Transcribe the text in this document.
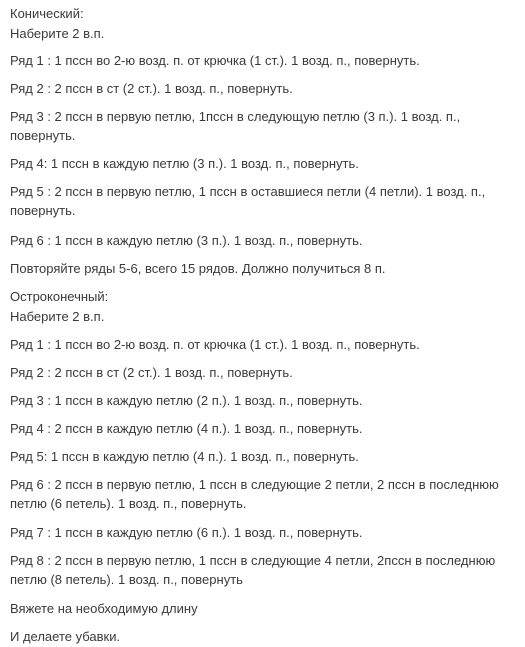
Конический:
Наберите 2 в.п.
Ряд 1 : 1 пссн во 2-ю возд. п. от крючка (1 ст.). 1 возд. п., повернуть.
Ряд 2 : 2 пссн в ст (2 ст.). 1 возд. п., повернуть.
Ряд 3 : 2 пссн в первую петлю, 1пссн в следующую петлю (3 п.). 1 возд. п., повернуть.
Ряд 4: 1 пссн в каждую петлю (3 п.). 1 возд. п., повернуть.
Ряд 5 : 2 пссн в первую петлю, 1 пссн в оставшиеся петли (4 петли). 1 возд. п., повернуть.
Ряд 6 : 1 пссн в каждую петлю (3 п.). 1 возд. п., повернуть.
Повторяйте ряды 5-6, всего 15 рядов. Должно получиться 8 п.
Остроконечный:
Наберите 2 в.п.
Ряд 1 : 1 пссн во 2-ю возд. п. от крючка (1 ст.). 1 возд. п., повернуть.
Ряд 2 : 2 пссн в ст (2 ст.). 1 возд. п., повернуть.
Ряд 3 : 1 пссн в каждую петлю (2 п.). 1 возд. п., повернуть.
Ряд 4 : 2 пссн в каждую петлю (4 п.). 1 возд. п., повернуть.
Ряд 5: 1 пссн в каждую петлю (4 п.). 1 возд. п., повернуть.
Ряд 6 : 2 пссн в первую петлю, 1 пссн в следующие 2 петли, 2 пссн в последнюю петлю (6 петель). 1 возд. п., повернуть.
Ряд 7 : 1 пссн в каждую петлю (6 п.). 1 возд. п., повернуть.
Ряд 8 : 2 пссн в первую петлю, 1 пссн в следующие 4 петли, 2пссн в последнюю петлю (8 петель). 1 возд. п., повернуть
Вяжете на необходимую длину
И делаете убавки.
